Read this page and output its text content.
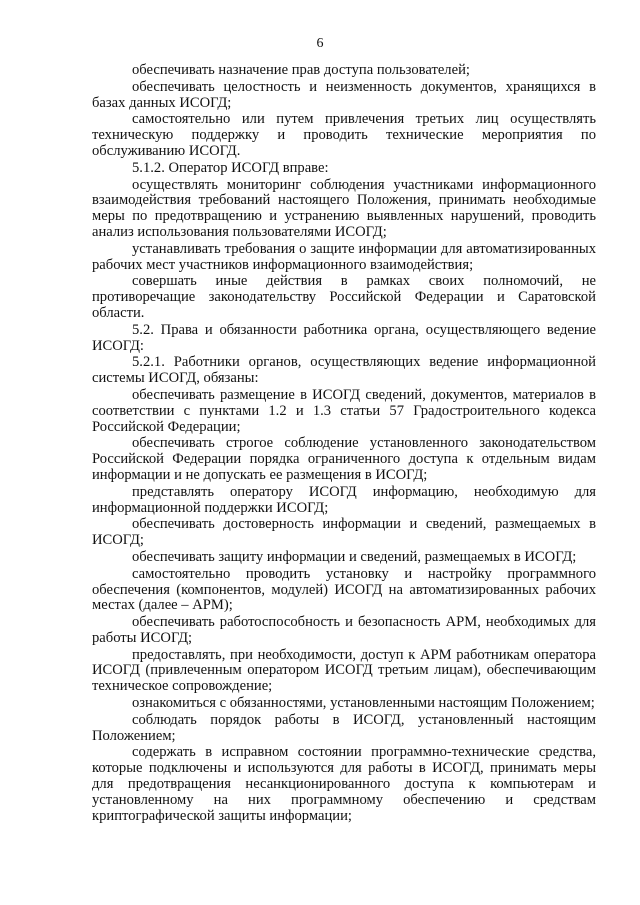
6

обеспечивать назначение прав доступа пользователей;

обеспечивать целостность и неизменность документов, хранящихся в базах данных ИСОГД;

самостоятельно или путем привлечения третьих лиц осуществлять техническую поддержку и проводить технические мероприятия по обслуживанию ИСОГД.

5.1.2. Оператор ИСОГД вправе:

осуществлять мониторинг соблюдения участниками информационного взаимодействия требований настоящего Положения, принимать необходимые меры по предотвращению и устранению выявленных нарушений, проводить анализ использования пользователями ИСОГД;

устанавливать требования о защите информации для автоматизированных рабочих мест участников информационного взаимодействия;

совершать иные действия в рамках своих полномочий, не противоречащие законодательству Российской Федерации и Саратовской области.

5.2. Права и обязанности работника органа, осуществляющего ведение ИСОГД:

5.2.1. Работники органов, осуществляющих ведение информационной системы ИСОГД, обязаны:

обеспечивать размещение в ИСОГД сведений, документов, материалов в соответствии с пунктами 1.2 и 1.3 статьи 57 Градостроительного кодекса Российской Федерации;

обеспечивать строгое соблюдение установленного законодательством Российской Федерации порядка ограниченного доступа к отдельным видам информации и не допускать ее размещения в ИСОГД;

представлять оператору ИСОГД информацию, необходимую для информационной поддержки ИСОГД;

обеспечивать достоверность информации и сведений, размещаемых в ИСОГД;

обеспечивать защиту информации и сведений, размещаемых в ИСОГД;

самостоятельно проводить установку и настройку программного обеспечения (компонентов, модулей) ИСОГД на автоматизированных рабочих местах (далее – АРМ);

обеспечивать работоспособность и безопасность АРМ, необходимых для работы ИСОГД;

предоставлять, при необходимости, доступ к АРМ работникам оператора ИСОГД (привлеченным оператором ИСОГД третьим лицам), обеспечивающим техническое сопровождение;

ознакомиться с обязанностями, установленными настоящим Положением;

соблюдать порядок работы в ИСОГД, установленный настоящим Положением;

содержать в исправном состоянии программно-технические средства, которые подключены и используются для работы в ИСОГД, принимать меры для предотвращения несанкционированного доступа к компьютерам и установленному на них программному обеспечению и средствам криптографической защиты информации;
